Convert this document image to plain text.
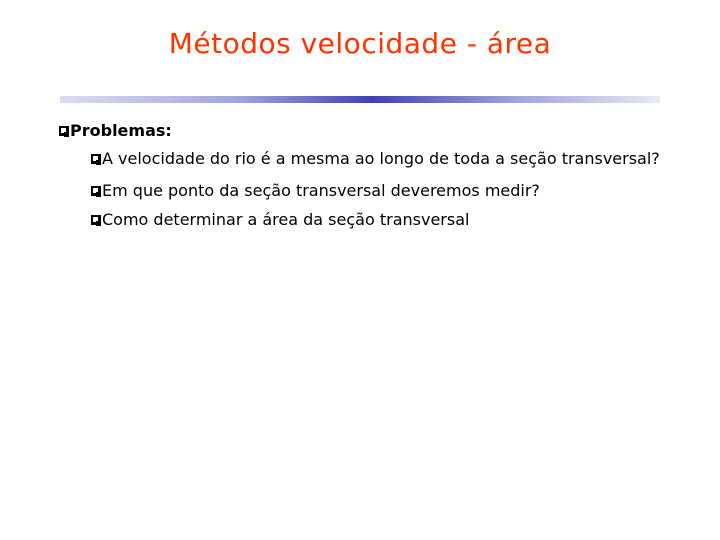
Métodos velocidade - área
Problemas:
A velocidade do rio é a mesma ao longo de toda a seção transversal?
Em que ponto da seção transversal deveremos medir?
Como determinar a área da seção transversal
